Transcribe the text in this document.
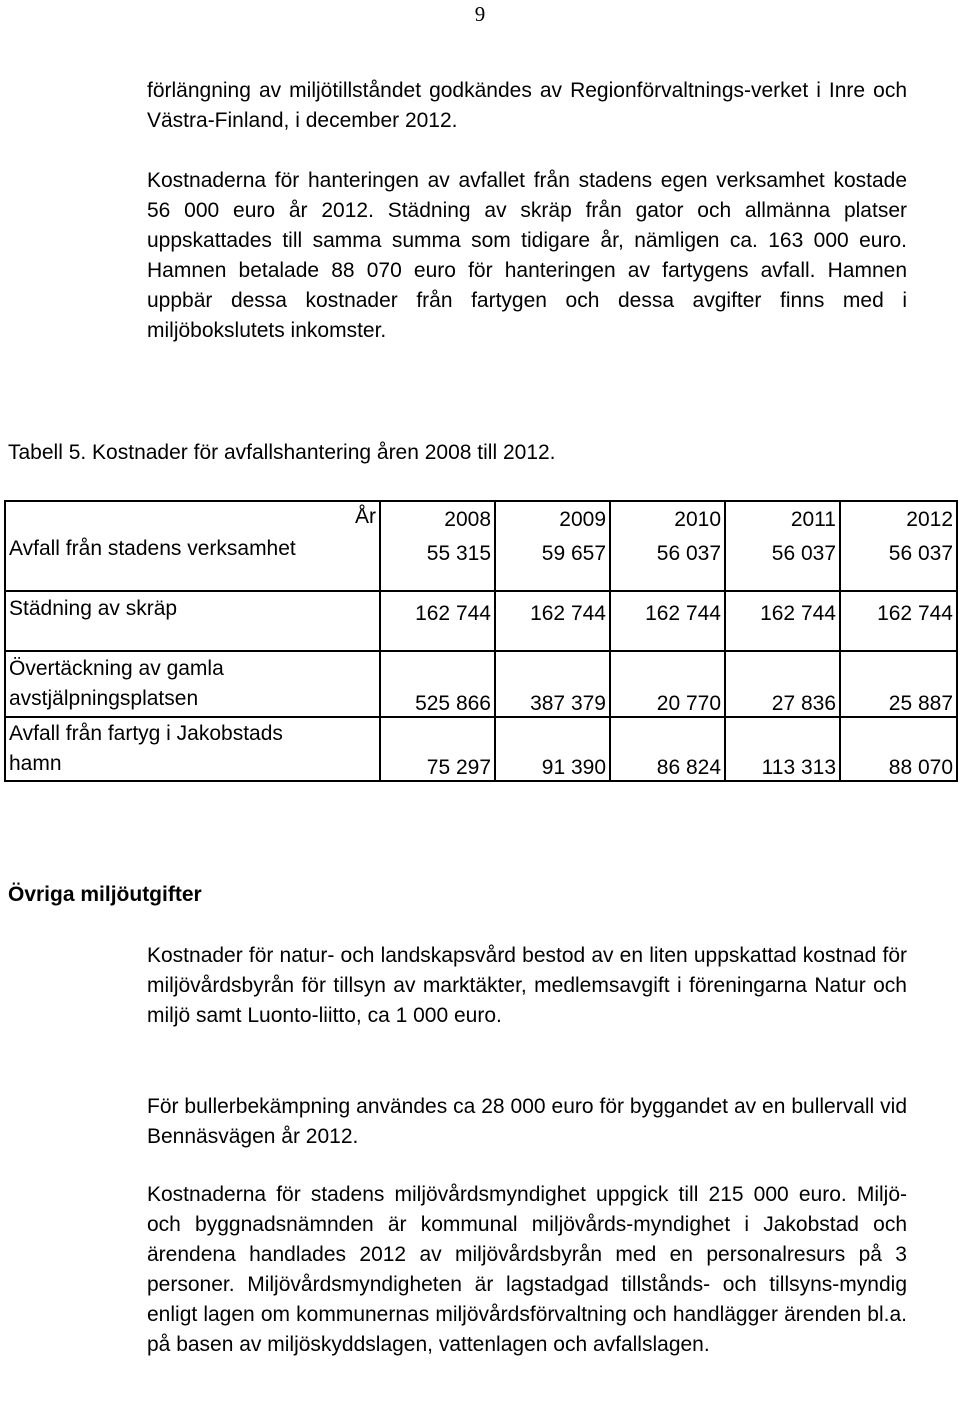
9

förlängning av miljötillståndet godkändes av Regionförvaltnings-verket i Inre och Västra-Finland, i december 2012.

Kostnaderna för hanteringen av avfallet från stadens egen verksamhet kostade 56 000 euro år 2012. Städning av skräp från gator och allmänna platser uppskattades till samma summa som tidigare år, nämligen ca. 163 000 euro. Hamnen betalade 88 070 euro för hanteringen av fartygens avfall. Hamnen uppbär dessa kostnader från fartygen och dessa avgifter finns med i miljöbokslutets inkomster.

Tabell 5. Kostnader för avfallshantering åren 2008 till 2012.

År	2008	2009	2010	2011	2012
Avfall från stadens verksamhet	55 315	59 657	56 037	56 037	56 037

Städning av skräp	162 744	162 744	162 744	162 744	162 744

Övertäckning av gamla
avstjälpningsplatsen	525 866	387 379	20 770	27 836	25 887
Avfall från fartyg i Jakobstads
hamn	75 297	91 390	86 824	113 313	88 070
Övriga miljöutgifter

Kostnader för natur- och landskapsvård bestod av en liten uppskattad kostnad för miljövårdsbyrån för tillsyn av marktäkter, medlemsavgift i föreningarna Natur och miljö samt Luonto-liitto, ca 1 000 euro.

För bullerbekämpning användes ca 28 000 euro för byggandet av en bullervall vid Bennäsvägen år 2012.

Kostnaderna för stadens miljövårdsmyndighet uppgick till 215 000 euro. Miljö- och byggnadsnämnden är kommunal miljövårds-myndighet i Jakobstad och ärendena handlades 2012 av miljövårdsbyrån med en personalresurs på 3 personer. Miljövårdsmyndigheten är lagstadgad tillstånds- och tillsyns-myndig enligt lagen om kommunernas miljövårdsförvaltning och handlägger ärenden bl.a. på basen av miljöskyddslagen, vattenlagen och avfallslagen.
